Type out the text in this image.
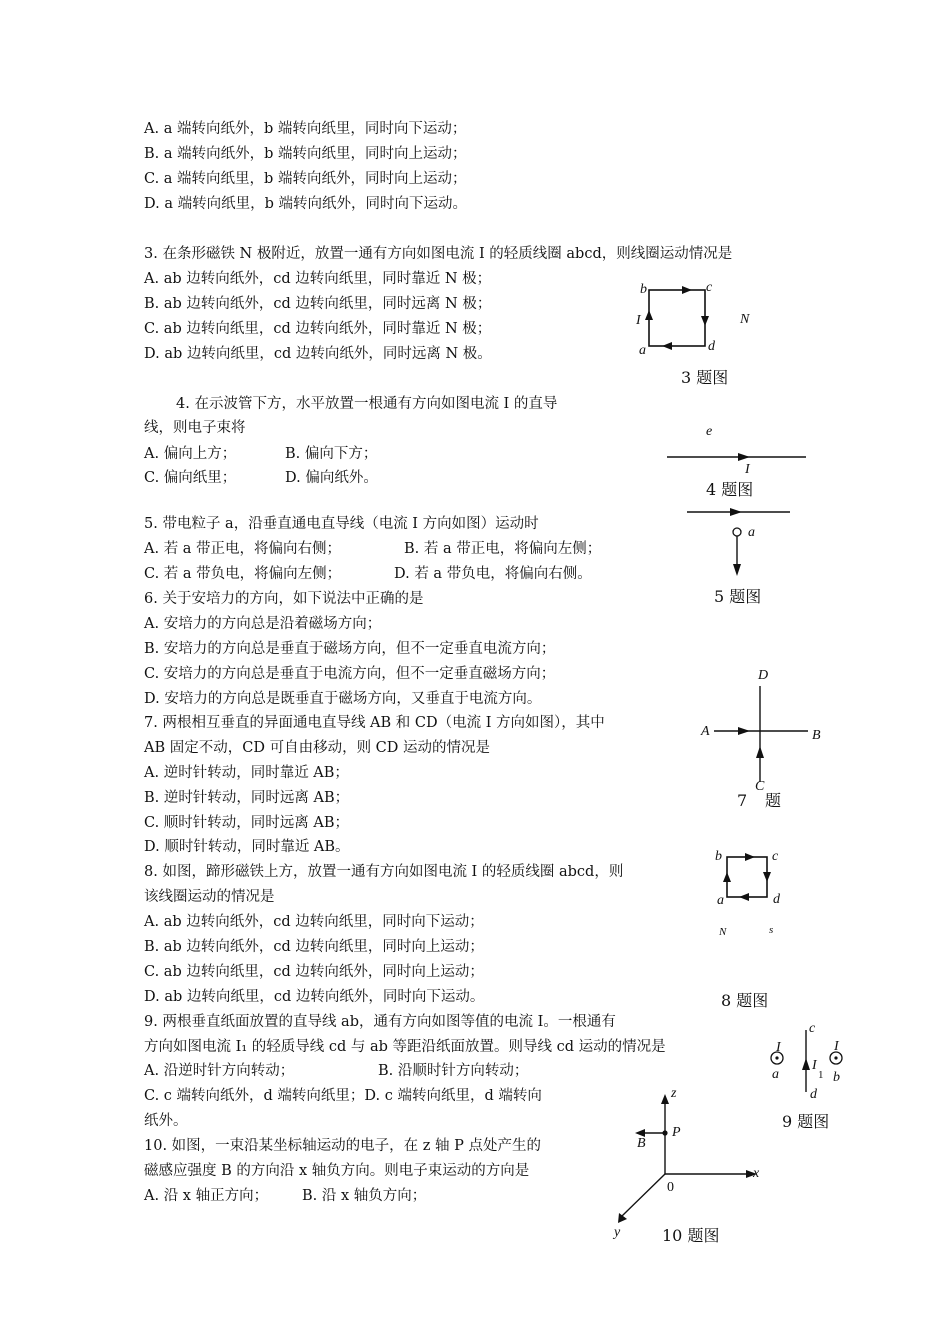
A. a 端转向纸外，b 端转向纸里，同时向下运动；
B. a 端转向纸外，b 端转向纸里，同时向上运动；
C. a 端转向纸里，b 端转向纸外，同时向上运动；
D. a 端转向纸里，b 端转向纸外，同时向下运动。
3. 在条形磁铁 N 极附近，放置一通有方向如图电流 I 的轻质线圈 abcd，则线圈运动情况是
A. ab 边转向纸外，cd 边转向纸里，同时靠近 N 极；
B. ab 边转向纸外，cd 边转向纸里，同时远离 N 极；
C. ab 边转向纸里，cd 边转向纸外，同时靠近 N 极；
D. ab 边转向纸里，cd 边转向纸外，同时远离 N 极。
b	c
I	N
a	d
3 题图
4. 在示波管下方，水平放置一根通有方向如图电流 I 的直导
线，则电子束将
A. 偏向上方；	B. 偏向下方；
C. 偏向纸里；	D. 偏向纸外。
e
I
4 题图
5. 带电粒子 a，沿垂直通电直导线（电流 I 方向如图）运动时
A. 若 a 带正电，将偏向右侧；	B. 若 a 带正电，将偏向左侧；
C. 若 a 带负电，将偏向左侧；	D. 若 a 带负电，将偏向右侧。
a
5 题图
6. 关于安培力的方向，如下说法中正确的是
A. 安培力的方向总是沿着磁场方向；
B. 安培力的方向总是垂直于磁场方向，但不一定垂直电流方向；
C. 安培力的方向总是垂直于电流方向，但不一定垂直磁场方向；
D. 安培力的方向总是既垂直于磁场方向，又垂直于电流方向。
7. 两根相互垂直的异面通电直导线 AB 和 CD（电流 I 方向如图），其中
AB 固定不动，CD 可自由移动，则 CD 运动的情况是
A. 逆时针转动，同时靠近 AB；
B. 逆时针转动，同时远离 AB；
C. 顺时针转动，同时远离 AB；
D. 顺时针转动，同时靠近 AB。
D
A	B
C
7 题
8. 如图，蹄形磁铁上方，放置一通有方向如图电流 I 的轻质线圈 abcd，则
该线圈运动的情况是
A. ab 边转向纸外，cd 边转向纸里，同时向下运动；
B. ab 边转向纸外，cd 边转向纸里，同时向上运动；
C. ab 边转向纸里，cd 边转向纸外，同时向上运动；
D. ab 边转向纸里，cd 边转向纸外，同时向下运动。
b	c
a	d
N	s
8 题图
9. 两根垂直纸面放置的直导线 ab，通有方向如图等值的电流 I。一根通有
方向如图电流 I₁ 的轻质导线 cd 与 ab 等距沿纸面放置。则导线 cd 运动的情况是
A. 沿逆时针方向转动；	B. 沿顺时针方向转动；
C. c 端转向纸外，d 端转向纸里；D. c 端转向纸里，d 端转向
纸外。
c
I	I
I
1
a	b
d
9 题图
10. 如图，一束沿某坐标轴运动的电子，在 z 轴 P 点处产生的
磁感应强度 B 的方向沿 x 轴负方向。则电子束运动的方向是
A. 沿 x 轴正方向； B. 沿 x 轴负方向；
z
P
B
x
0
y	10 题图
